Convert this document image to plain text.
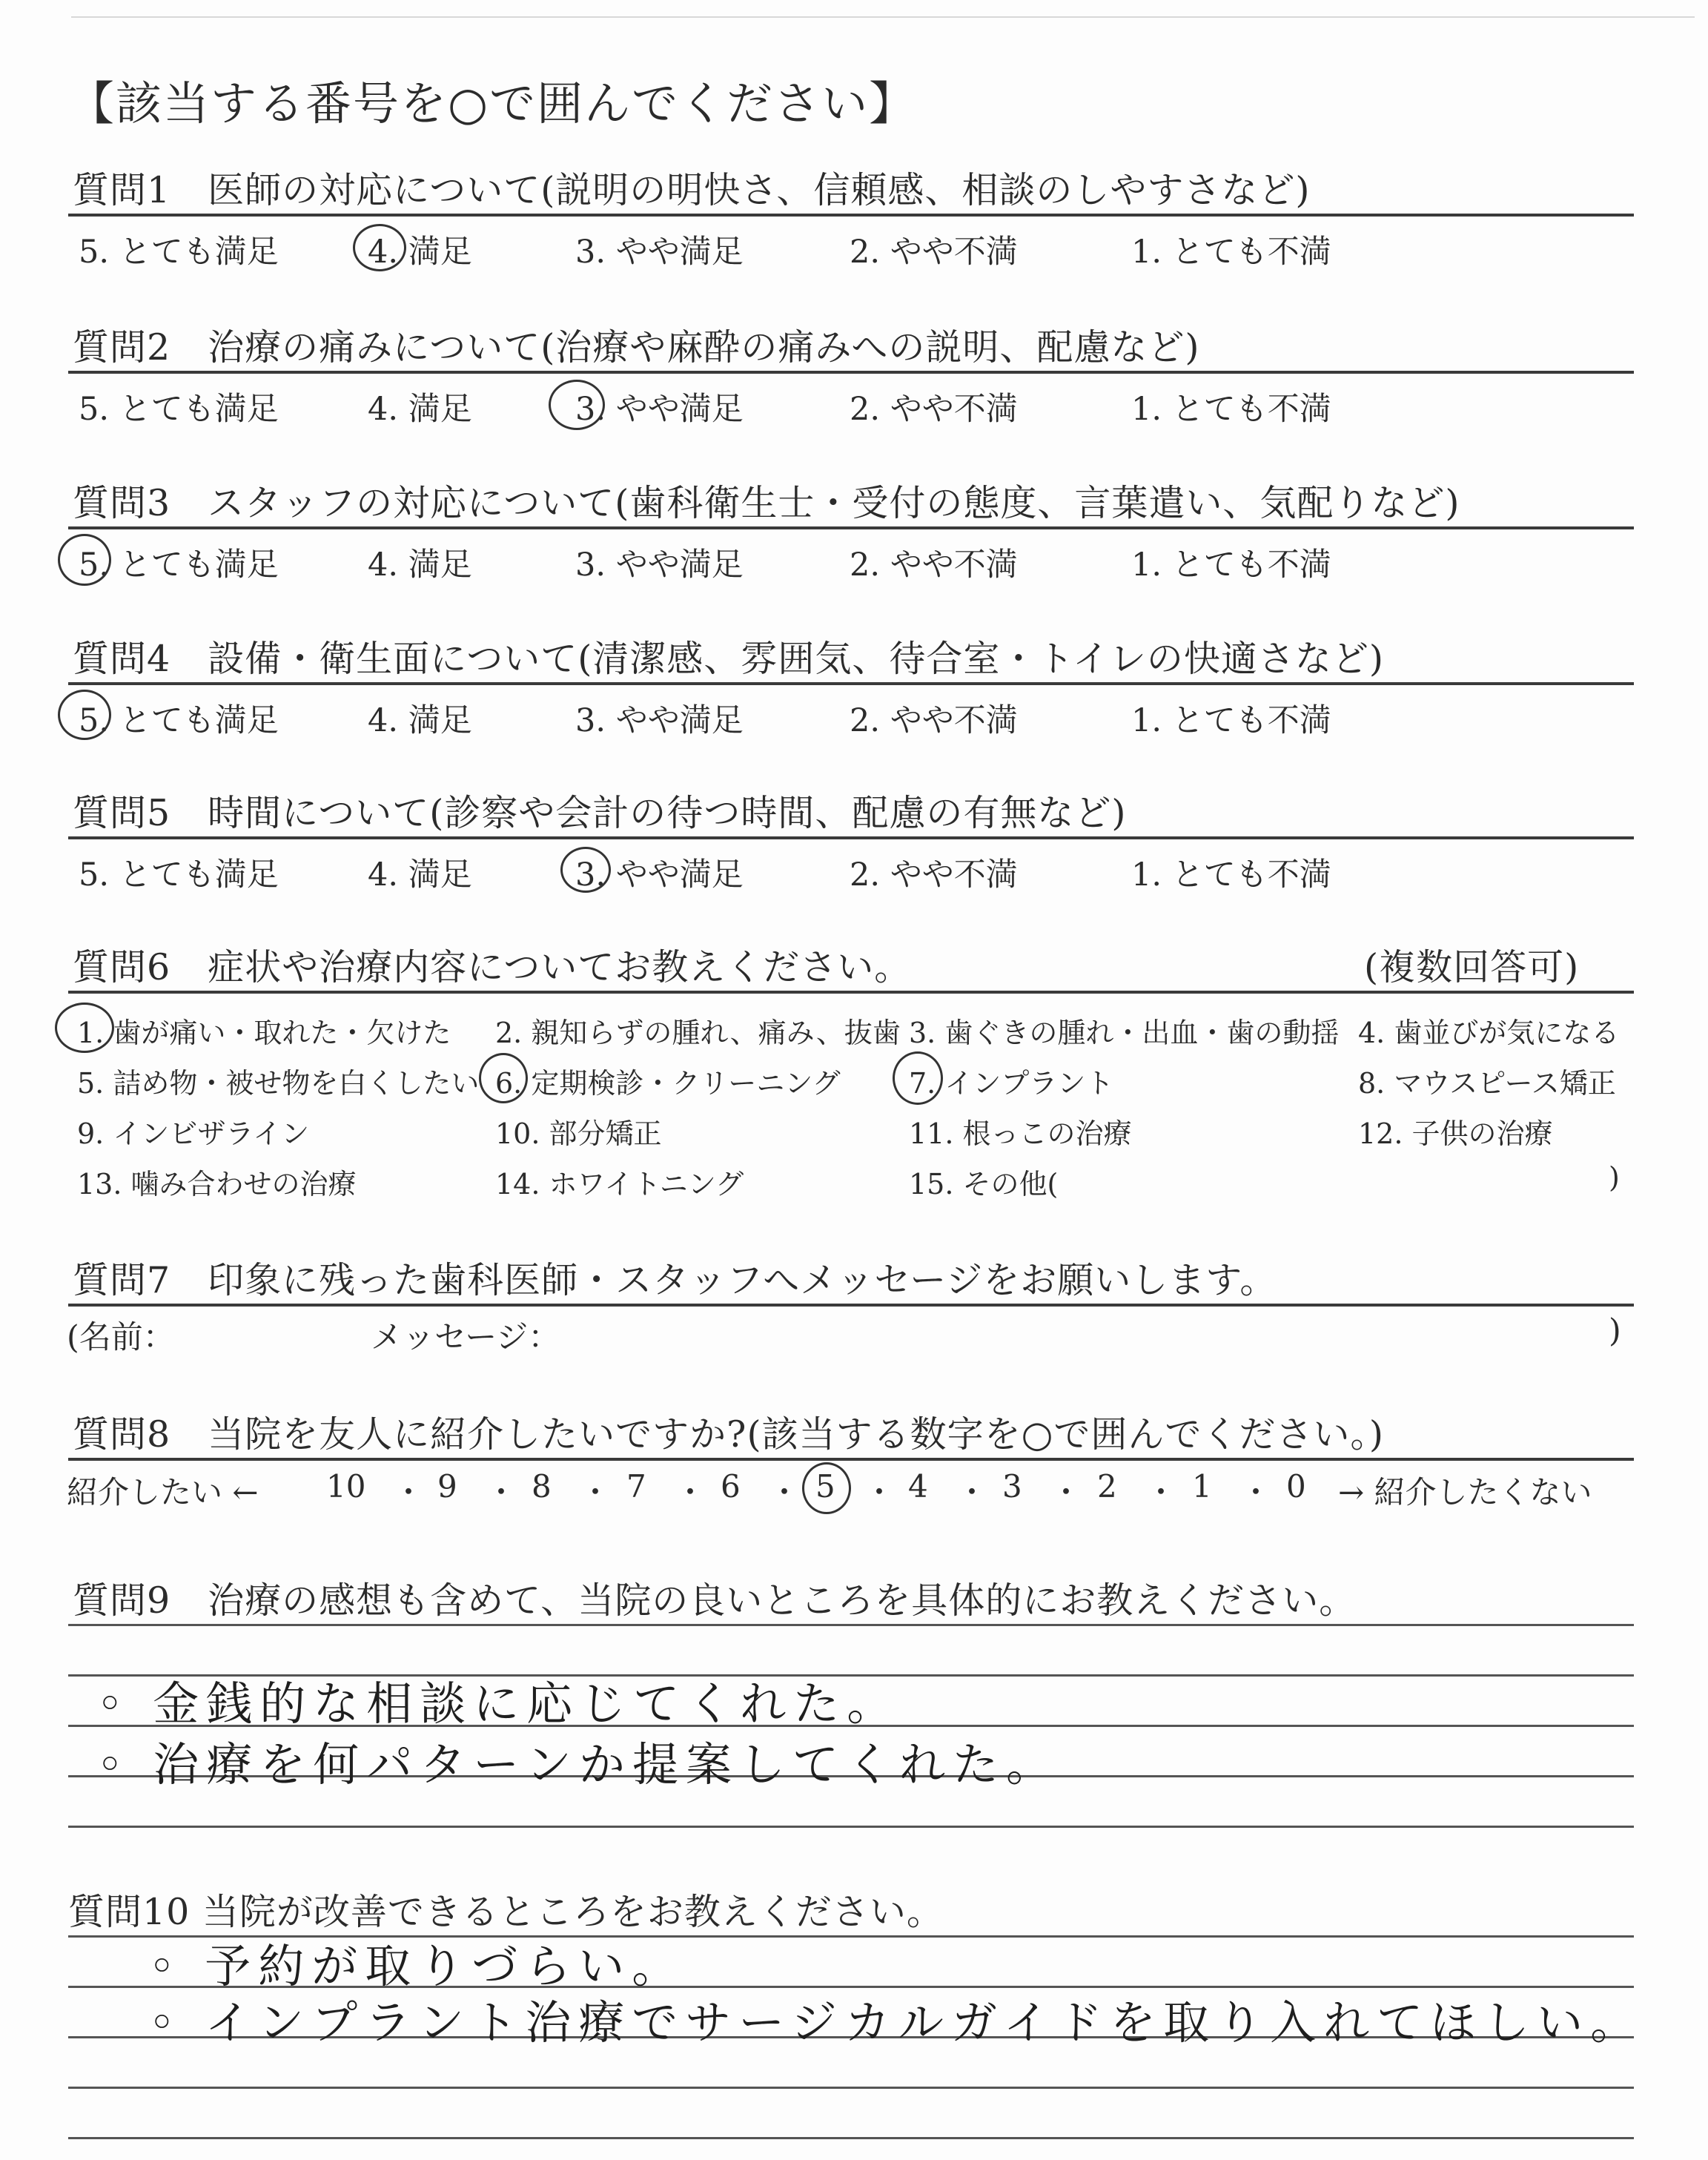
【該当する番号を○で囲んでください】
質問1　医師の対応について(説明の明快さ、信頼感、相談のしやすさなど)
5. とても満足	4. 満足	3. やや満足	2. やや不満	1. とても不満
質問2　治療の痛みについて(治療や麻酔の痛みへの説明、配慮など)
5. とても満足	4. 満足	3. やや満足	2. やや不満	1. とても不満
質問3　スタッフの対応について(歯科衛生士・受付の態度、言葉遣い、気配りなど)
5. とても満足	4. 満足	3. やや満足	2. やや不満	1. とても不満
質問4　設備・衛生面について(清潔感、雰囲気、待合室・トイレの快適さなど)
5. とても満足	4. 満足	3. やや満足	2. やや不満	1. とても不満
質問5　時間について(診察や会計の待つ時間、配慮の有無など)
5. とても満足	4. 満足	3. やや満足	2. やや不満	1. とても不満
質問6　症状や治療内容についてお教えください。	(複数回答可)
1. 歯が痛い・取れた・欠けた 2. 親知らずの腫れ、痛み、抜歯 3. 歯ぐきの腫れ・出血・歯の動揺 4. 歯並びが気になる
5. 詰め物・被せ物を白くしたい 6. 定期検診・クリーニング 7. インプラント	8. マウスピース矯正
9. インビザライン	10. 部分矯正	11. 根っこの治療	12. 子供の治療
13. 噛み合わせの治療	14. ホワイトニング	15. その他(	)
質問7　印象に残った歯科医師・スタッフへメッセージをお願いします。
(名前：	メッセージ：	)
質問8　当院を友人に紹介したいですか?(該当する数字を○で囲んでください。)
紹介したい ← 10 ・ 9 ・ 8 ・ 7 ・ 6 ・ 5 ・ 4 ・ 3 ・ 2 ・ 1 ・ 0 → 紹介したくない
質問9　治療の感想も含めて、当院の良いところを具体的にお教えください。
◦ 金銭的な相談に応じてくれた。
◦ 治療を何パターンか提案してくれた。
質問10 当院が改善できるところをお教えください。
◦ 予約が取りづらい。
◦ インプラント治療でサージカルガイドを取り入れてほしい。
